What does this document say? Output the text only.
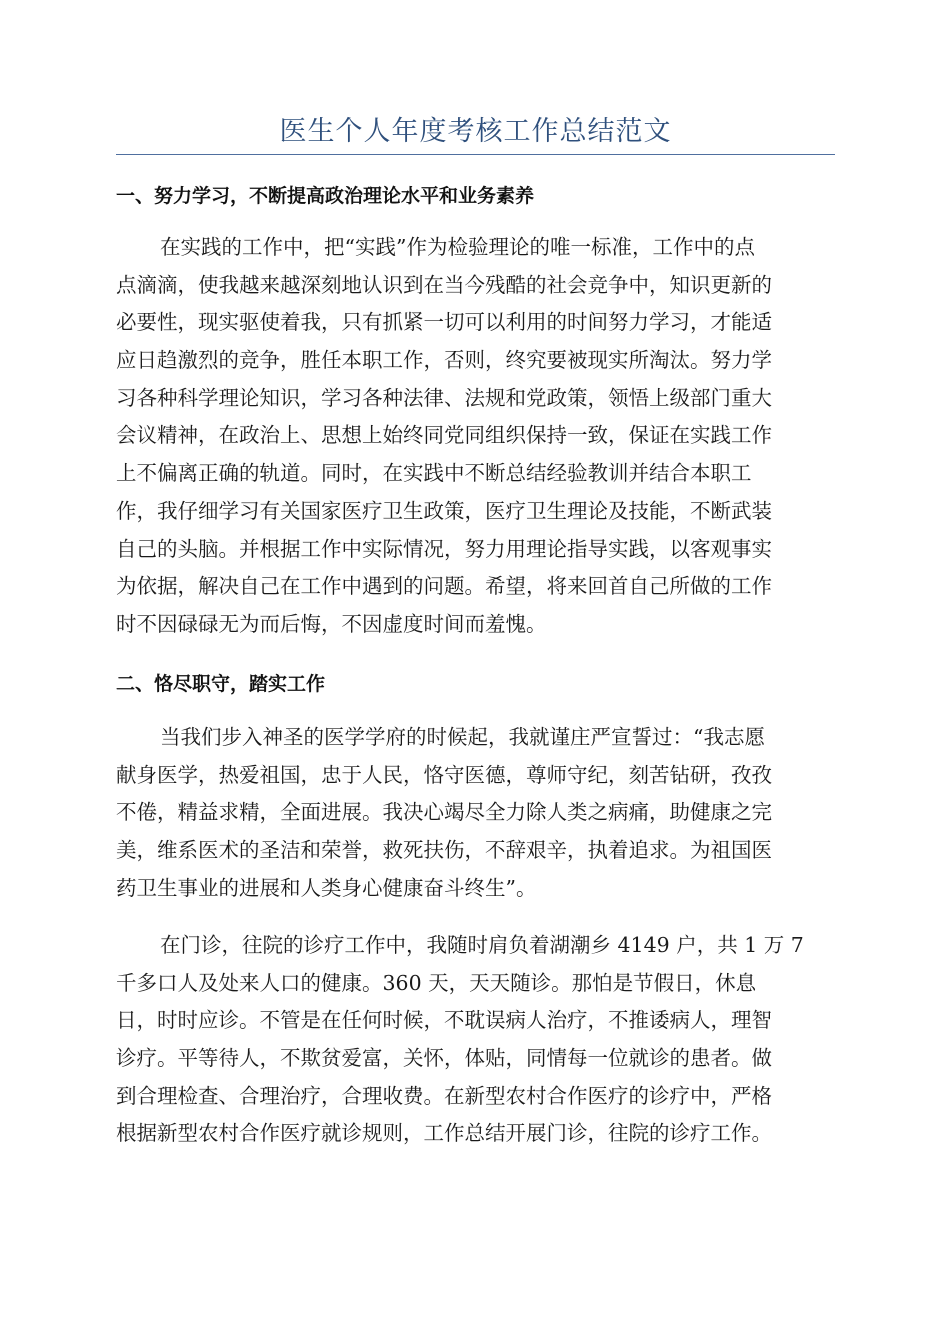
医生个人年度考核工作总结范文
一、努力学习，不断提高政治理论水平和业务素养
在实践的工作中，把“实践”作为检验理论的唯一标准，工作中的点
点滴滴，使我越来越深刻地认识到在当今残酷的社会竞争中，知识更新的
必要性，现实驱使着我，只有抓紧一切可以利用的时间努力学习，才能适
应日趋激烈的竞争，胜任本职工作，否则，终究要被现实所淘汰。努力学
习各种科学理论知识，学习各种法律、法规和党政策，领悟上级部门重大
会议精神，在政治上、思想上始终同党同组织保持一致，保证在实践工作
上不偏离正确的轨道。同时，在实践中不断总结经验教训并结合本职工
作，我仔细学习有关国家医疗卫生政策，医疗卫生理论及技能，不断武装
自己的头脑。并根据工作中实际情况，努力用理论指导实践，以客观事实
为依据，解决自己在工作中遇到的问题。希望，将来回首自己所做的工作
时不因碌碌无为而后悔，不因虚度时间而羞愧。
二、恪尽职守，踏实工作
当我们步入神圣的医学学府的时候起，我就谨庄严宣誓过：“我志愿
献身医学，热爱祖国，忠于人民，恪守医德，尊师守纪，刻苦钻研，孜孜
不倦，精益求精，全面进展。我决心竭尽全力除人类之病痛，助健康之完
美，维系医术的圣洁和荣誉，救死扶伤，不辞艰辛，执着追求。为祖国医
药卫生事业的进展和人类身心健康奋斗终生”。
在门诊，往院的诊疗工作中，我随时肩负着湖潮乡 4149 户，共 1 万 7
千多口人及处来人口的健康。360 天，天天随诊。那怕是节假日，休息
日，时时应诊。不管是在任何时候，不耽误病人治疗，不推诿病人，理智
诊疗。平等待人，不欺贫爱富，关怀，体贴，同情每一位就诊的患者。做
到合理检查、合理治疗，合理收费。在新型农村合作医疗的诊疗中，严格
根据新型农村合作医疗就诊规则，工作总结开展门诊，往院的诊疗工作。
